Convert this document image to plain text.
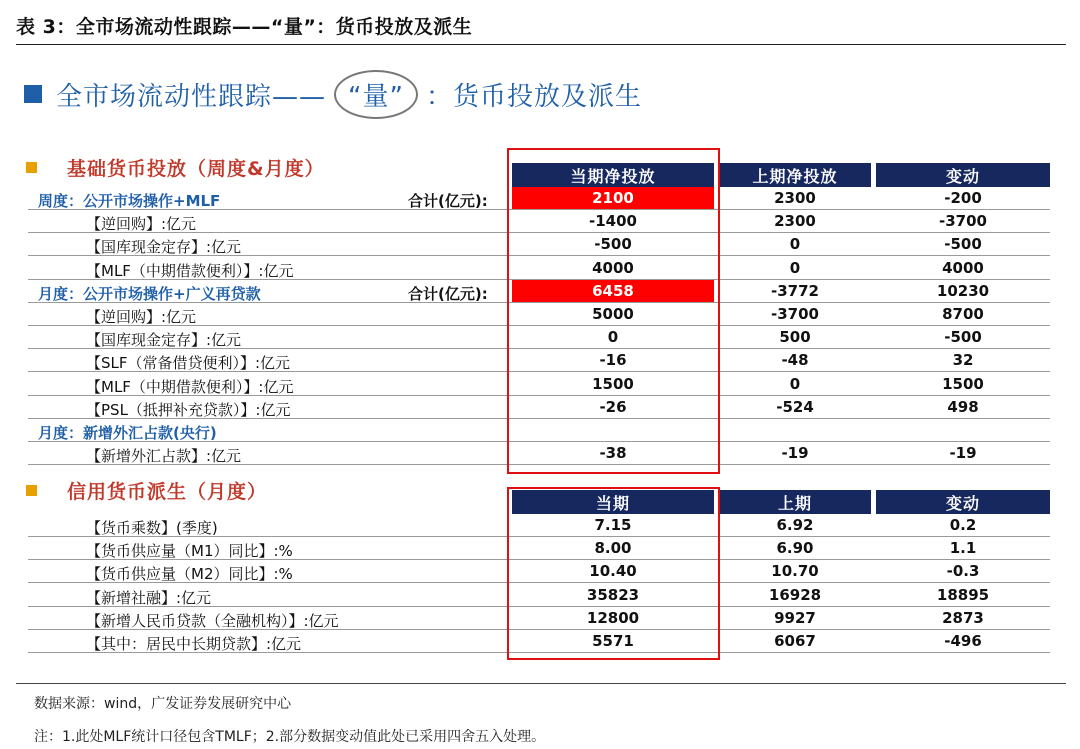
表 3：全市场流动性跟踪——“量”：货币投放及派生
全市场流动性跟踪—— “量” ：货币投放及派生
基础货币投放（周度&月度）	当期净投放	上期净投放	变动
周度：公开市场操作+MLF	合计(亿元):	2100	2300	-200
【逆回购】:亿元	-1400	2300	-3700
【国库现金定存】:亿元	-500	0	-500
【MLF（中期借款便利）】:亿元	4000	0	4000
月度：公开市场操作+广义再贷款	合计(亿元):	6458	-3772	10230
【逆回购】:亿元	5000	-3700	8700
【国库现金定存】:亿元	0	500	-500
【SLF（常备借贷便利）】:亿元	-16	-48	32
【MLF（中期借款便利）】:亿元	1500	0	1500
【PSL（抵押补充贷款）】:亿元	-26	-524	498
月度：新增外汇占款(央行)
【新增外汇占款】:亿元	-38	-19	-19
信用货币派生（月度）	当期	上期	变动
【货币乘数】(季度)	7.15	6.92	0.2
【货币供应量（M1）同比】:%	8.00	6.90	1.1
【货币供应量（M2）同比】:%	10.40	10.70	-0.3
【新增社融】:亿元	35823	16928	18895
【新增人民币贷款（全融机构）】:亿元	12800	9927	2873
【其中：居民中长期贷款】:亿元	5571	6067	-496
数据来源：wind，广发证券发展研究中心
注：1.此处MLF统计口径包含TMLF；2.部分数据变动值此处已采用四舍五入处理。
